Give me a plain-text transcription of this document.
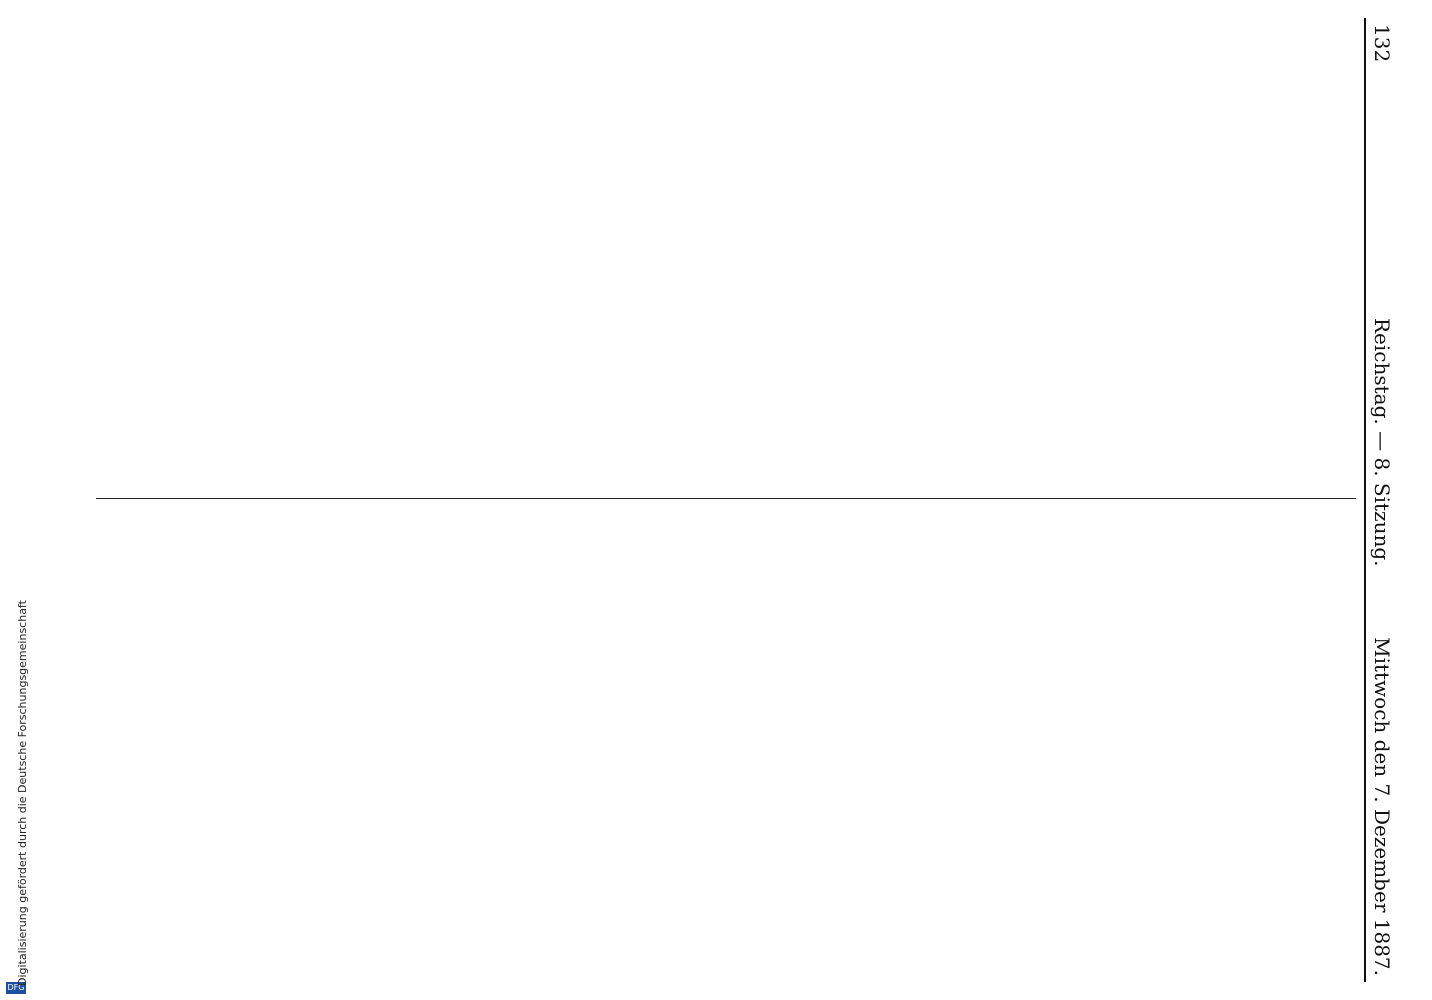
DFG
Digitalisierung gefördert durch die Deutsche Forschungsgemeinschaft
132
Reichstag. — 8. Sitzung.
Mittwoch den 7. Dezember 1887.
